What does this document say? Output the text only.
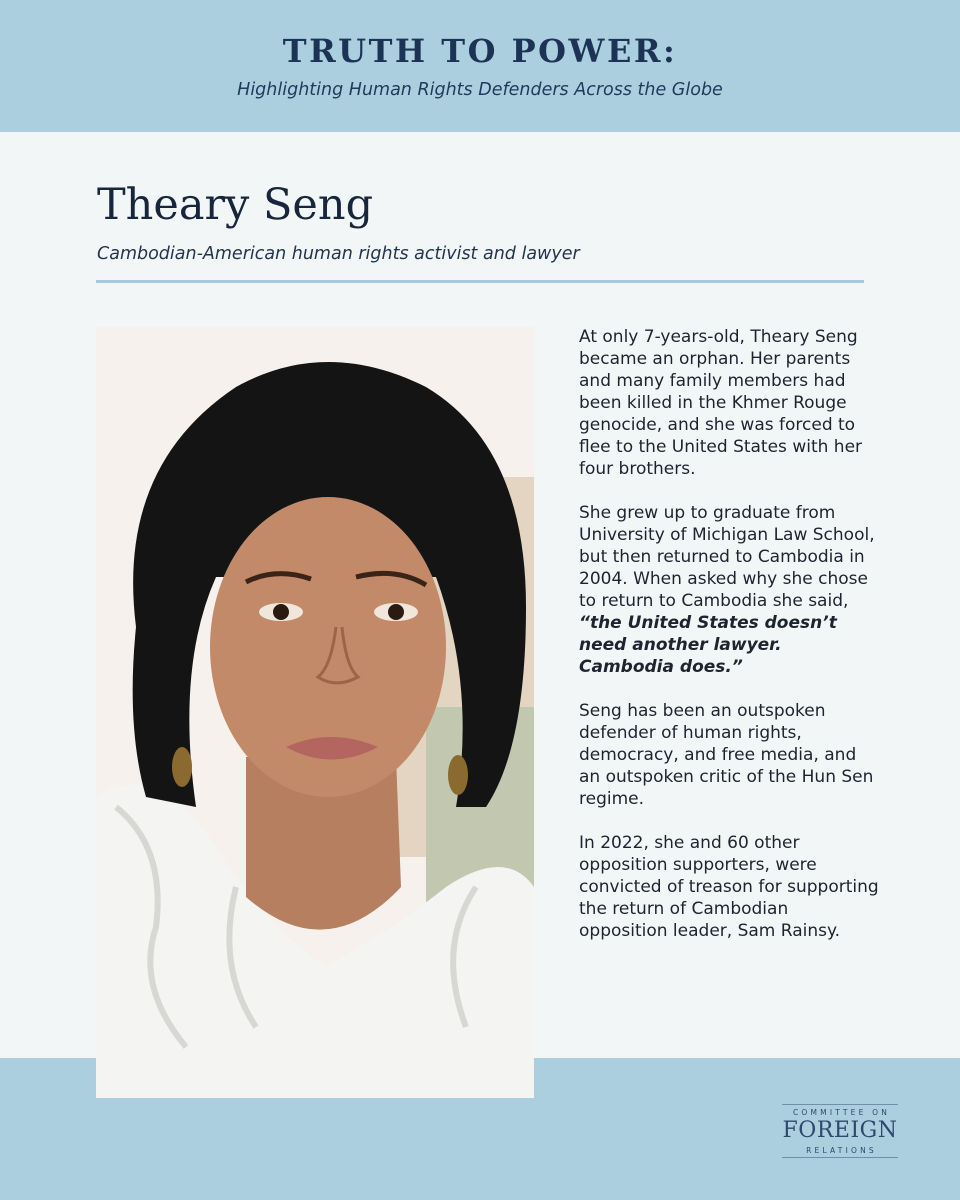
TRUTH TO POWER:
Highlighting Human Rights Defenders Across the Globe
Theary Seng
Cambodian-American human rights activist and lawyer

At only 7-years-old, Theary Seng became an orphan. Her parents and many family members had been killed in the Khmer Rouge genocide, and she was forced to flee to the United States with her four brothers.

She grew up to graduate from University of Michigan Law School, but then returned to Cambodia in 2004. When asked why she chose to return to Cambodia she said, “the United States doesn’t need another lawyer. Cambodia does.”

Seng has been an outspoken defender of human rights, democracy, and free media, and an outspoken critic of the Hun Sen regime.

In 2022, she and 60 other opposition supporters, were convicted of treason for supporting the return of Cambodian opposition leader, Sam Rainsy.

COMMITTEE ON
FOREIGN
RELATIONS
